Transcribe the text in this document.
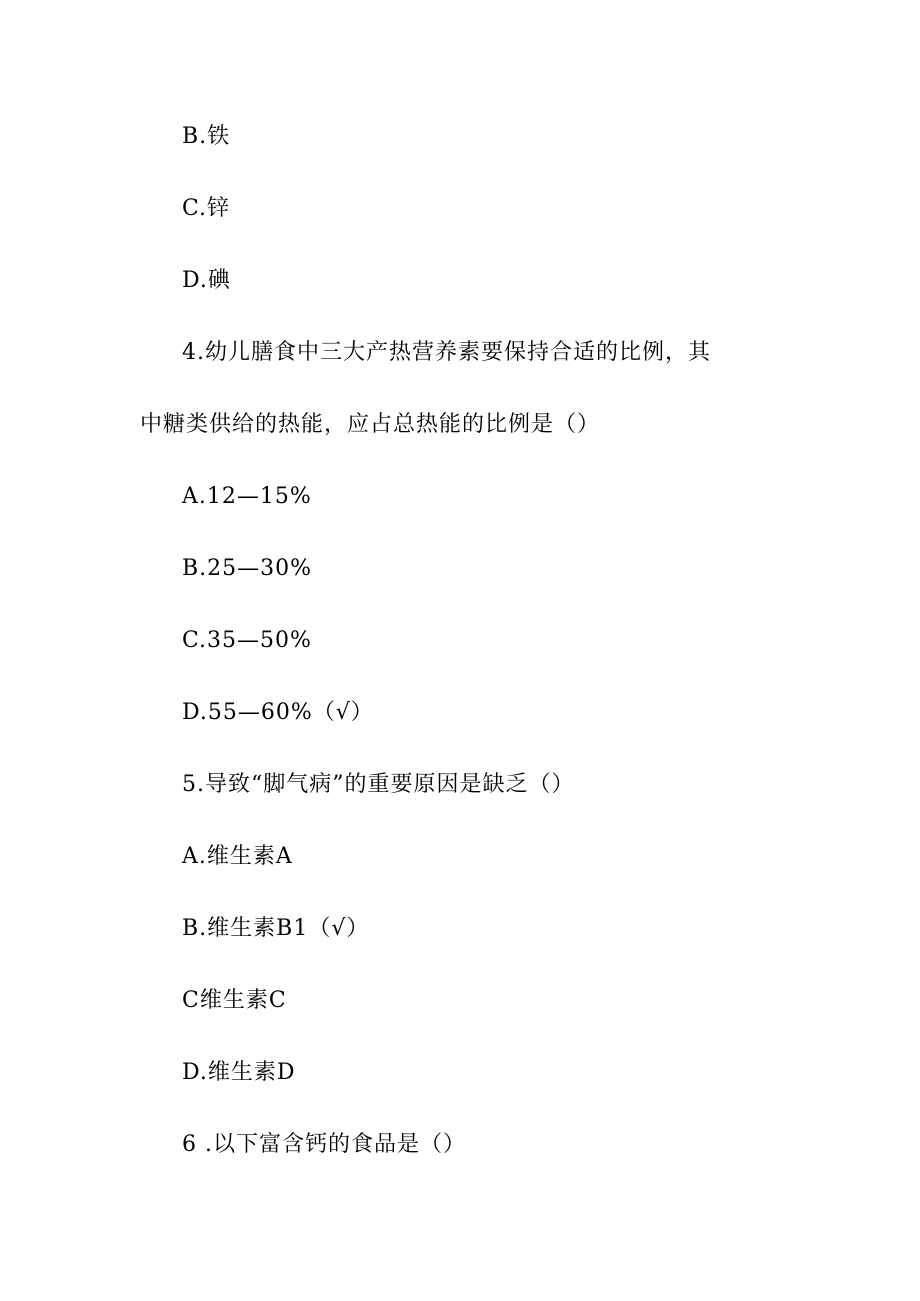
B.铁
C.锌
D.碘
4.幼儿膳食中三大产热营养素要保持合适的比例，其
中糖类供给的热能，应占总热能的比例是（）
A.12—15%
B.25—30%
C.35—50%
D.55—60%（√）
5.导致“脚气病”的重要原因是缺乏（）
A.维生素A
B.维生素B1（√）
C维生素C
D.维生素D
6 .以下富含钙的食品是（）
